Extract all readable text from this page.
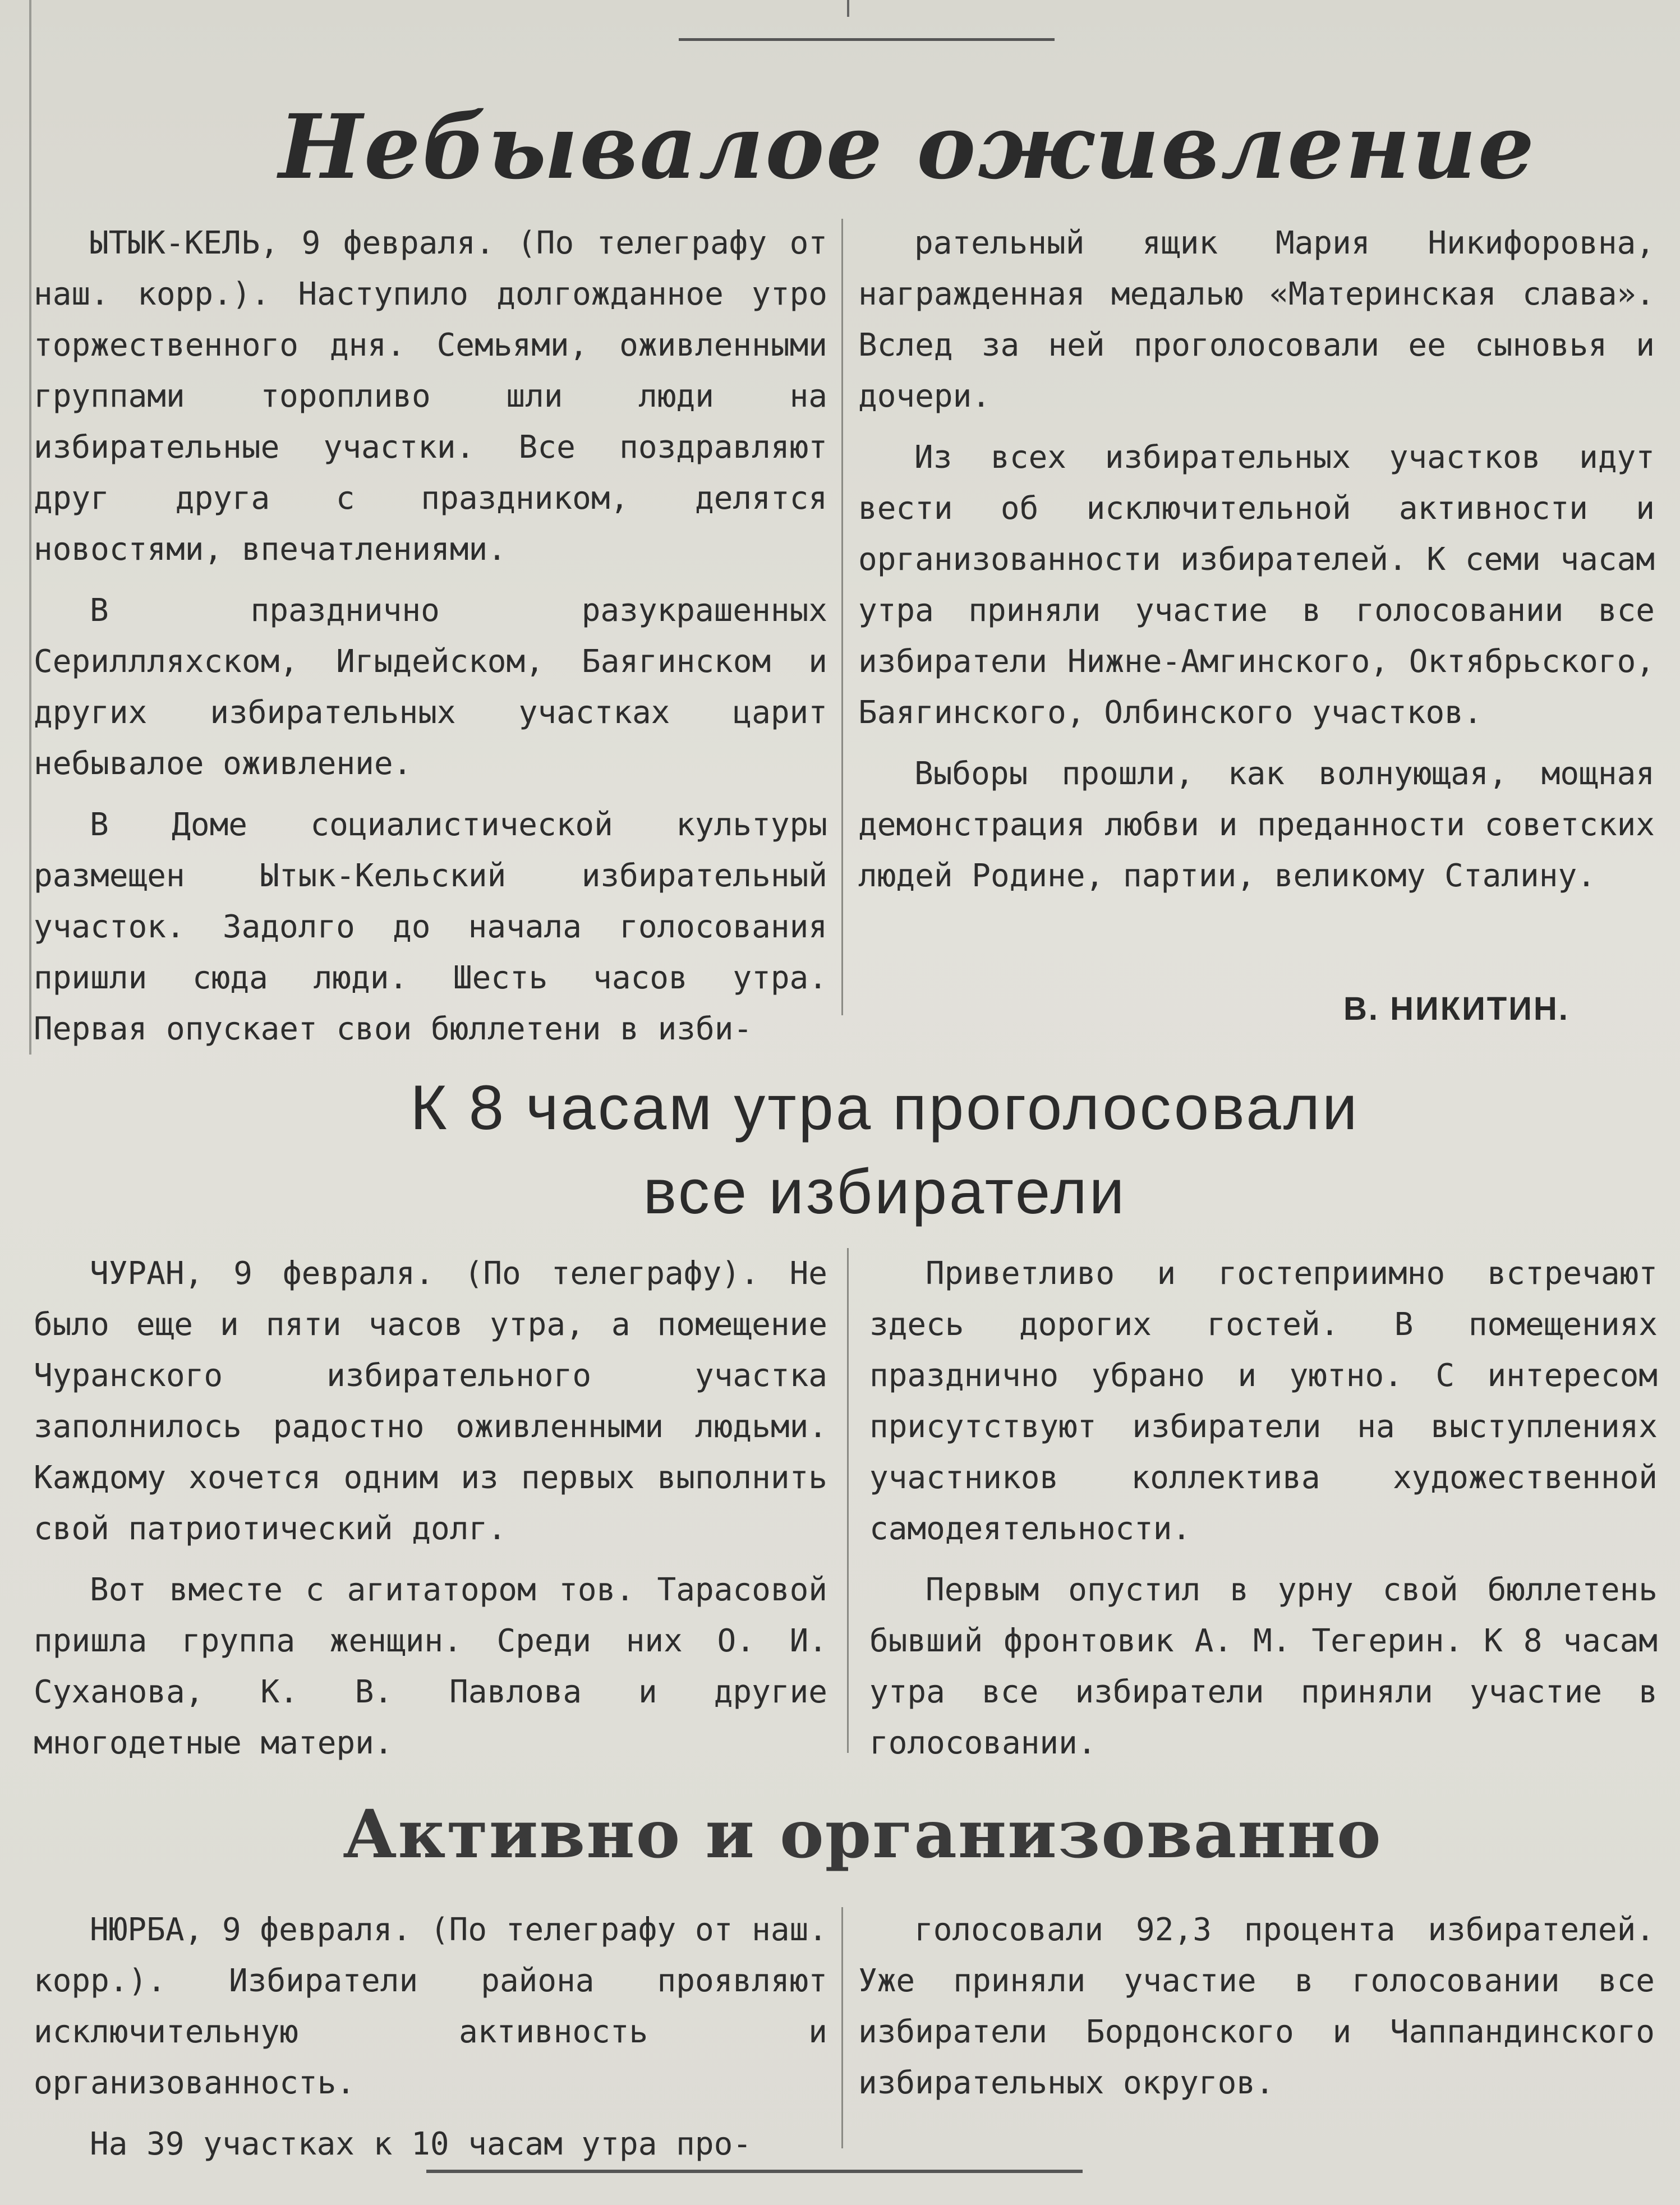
Небывалое оживление

ЫТЫК-КЕЛЬ, 9 февраля. (По телеграфу от наш. корр.). Наступило долгожданное утро торжественного дня. Семьями, оживленными группами торопливо шли люди на избирательные участки. Все поздравляют друг друга с праздником, делятся новостями, впечатлениями.

В празднично разукрашенных Сериллляхском, Игыдейском, Баягинском и других избирательных участках царит небывалое оживление.

В Доме социалистической культуры размещен Ытык-Кельский избирательный участок. Задолго до начала голосования пришли сюда люди. Шесть часов утра. Первая опускает свои бюллетени в изби-

рательный ящик Мария Никифоровна, награжденная медалью «Материнская слава». Вслед за ней проголосовали ее сыновья и дочери.

Из всех избирательных участков идут вести об исключительной активности и организованности избирателей. К семи часам утра приняли участие в голосовании все избиратели Нижне-Амгинского, Октябрьского, Баягинского, Олбинского участков.

Выборы прошли, как волнующая, мощная демонстрация любви и преданности советских людей Родине, партии, великому Сталину.

В. НИКИТИН.

К 8 часам утра проголосовали
все избиратели

ЧУРАН, 9 февраля. (По телеграфу). Не было еще и пяти часов утра, а помещение Чуранского избирательного участка заполнилось радостно оживленными людьми. Каждому хочется одним из первых выполнить свой патриотический долг.

Вот вместе с агитатором тов. Тарасовой пришла группа женщин. Среди них О. И. Суханова, К. В. Павлова и другие многодетные матери.

Приветливо и гостеприимно встречают здесь дорогих гостей. В помещениях празднично убрано и уютно. С интересом присутствуют избиратели на выступлениях участников коллектива художественной самодеятельности.

Первым опустил в урну свой бюллетень бывший фронтовик А. М. Тегерин. К 8 часам утра все избиратели приняли участие в голосовании.

Активно и организованно

НЮРБА, 9 февраля. (По телеграфу от наш. корр.). Избиратели района проявляют исключительную активность и организованность.

На 39 участках к 10 часам утра про-

голосовали 92,3 процента избирателей. Уже приняли участие в голосовании все избиратели Бордонского и Чаппандинского избирательных округов.
